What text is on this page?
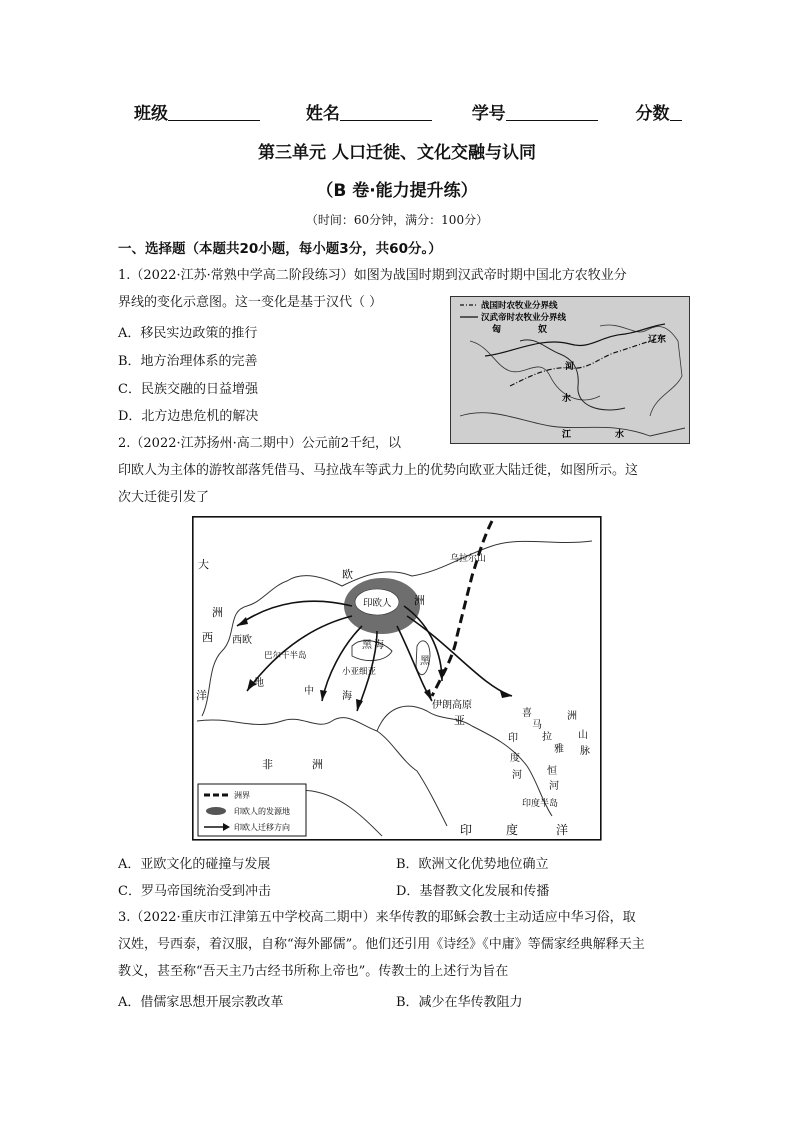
班级	姓名	学号	分数
第三单元 人口迁徙、文化交融与认同
（B 卷·能力提升练）
（时间：60分钟，满分：100分）
一、选择题（本题共20小题，每小题3分，共60分。）
1.（2022·江苏·常熟中学高二阶段练习）如图为战国时期到汉武帝时期中国北方农牧业分
界线的变化示意图。这一变化是基于汉代（ ）
A．移民实边政策的推行
B．地方治理体系的完善
C．民族交融的日益增强
D．北方边患危机的解决
战国时农牧业分界线
汉武帝时农牧业分界线
匈	奴
辽东
河
水
江	水
2.（2022·江苏扬州·高二期中）公元前2千纪，以
印欧人为主体的游牧部落凭借马、马拉战车等武力上的优势向欧亚大陆迁徙，如图所示。这
次大迁徙引发了
印欧人
大
洲
西
洋
西欧
欧
洲
乌拉尔山
巴尔干半岛
黑 海
黑
地
中	海
小亚细亚
伊朗高原
亚
非	洲
喜
马
拉
雅
洲
山
脉
印
度
河	恒
河
印度半岛
印	度	洋
洲界
印欧人的发源地
印欧人迁移方向
A．亚欧文化的碰撞与发展	B．欧洲文化优势地位确立
C．罗马帝国统治受到冲击	D．基督教文化发展和传播
3.（2022·重庆市江津第五中学校高二期中）来华传教的耶稣会教士主动适应中华习俗，取
汉姓，号西泰，着汉服，自称“海外鄙儒”。他们还引用《诗经》《中庸》等儒家经典解释天主
教义，甚至称“吾天主乃古经书所称上帝也”。传教士的上述行为旨在
A．借儒家思想开展宗教改革	B．减少在华传教阻力
